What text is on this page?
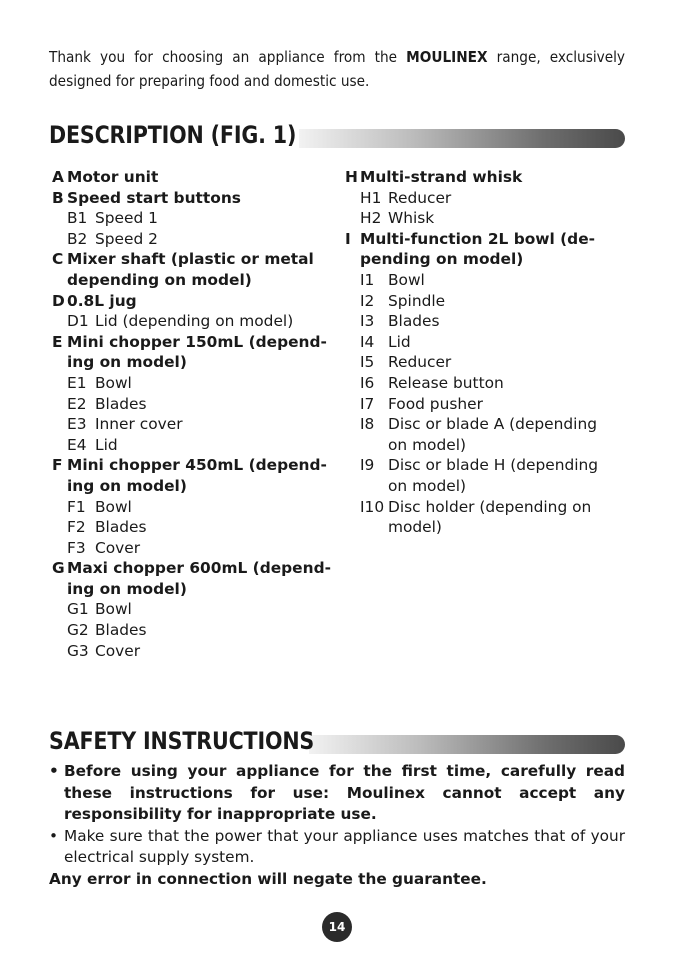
Thank you for choosing an appliance from the MOULINEX range, exclusively designed for preparing food and domestic use.
DESCRIPTION (FIG. 1)
A Motor unit
B Speed start buttons
B1 Speed 1
B2 Speed 2
C Mixer shaft (plastic or metal
depending on model)
D 0.8L jug
D1 Lid (depending on model)
E Mini chopper 150mL (depend-
ing on model)
E1 Bowl
E2 Blades
E3 Inner cover
E4 Lid
F Mini chopper 450mL (depend-
ing on model)
F1 Bowl
F2 Blades
F3 Cover
G Maxi chopper 600mL (depend-
ing on model)
G1 Bowl
G2 Blades
G3 Cover
H Multi-strand whisk
H1 Reducer
H2 Whisk
I Multi-function 2L bowl (de-
pending on model)
I1 Bowl
I2 Spindle
I3 Blades
I4 Lid
I5 Reducer
I6 Release button
I7 Food pusher
I8 Disc or blade A (depending
on model)
I9 Disc or blade H (depending
on model)
I10 Disc holder (depending on
model)
SAFETY INSTRUCTIONS
• Before using your appliance for the first time, carefully read these instructions for use: Moulinex cannot accept any responsibility for inappropriate use.
• Make sure that the power that your appliance uses matches that of your electrical supply system.
Any error in connection will negate the guarantee.
14
